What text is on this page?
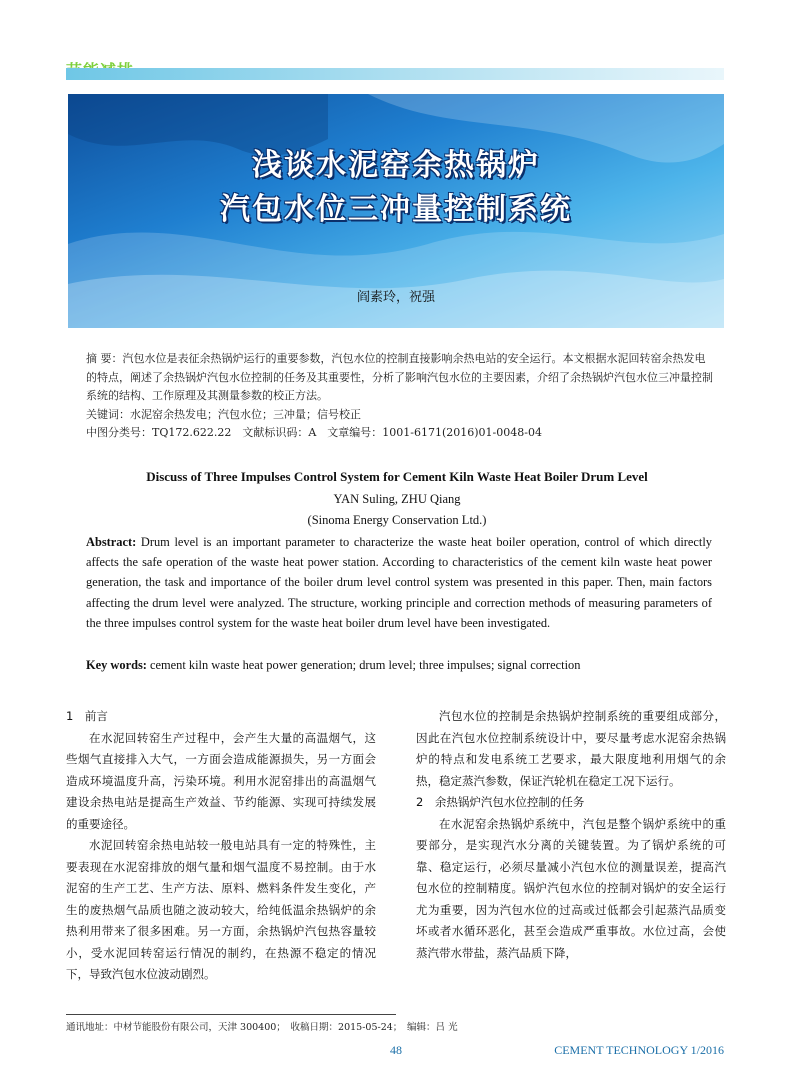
浅谈水泥窑余热锅炉
汽包水位三冲量控制系统
阎素玲，祝强

摘 要：汽包水位是表征余热锅炉运行的重要参数，汽包水位的控制直接影响余热电站的安全运行。本文根据水泥回转窑余热发电的特点，阐述了余热锅炉汽包水位控制的任务及其重要性，分析了影响汽包水位的主要因素，介绍了余热锅炉汽包水位三冲量控制系统的结构、工作原理及其测量参数的校正方法。

关键词：水泥窑余热发电；汽包水位；三冲量；信号校正

中图分类号：TQ172.622.22　文献标识码：A　文章编号：1001-6171(2016)01-0048-04

Discuss of Three Impulses Control System for Cement Kiln Waste Heat Boiler Drum Level
YAN Suling, ZHU Qiang
(Sinoma Energy Conservation Ltd.)
Abstract: Drum level is an important parameter to characterize the waste heat boiler operation, control of which directly affects the safe operation of the waste heat power station. According to characteristics of the cement kiln waste heat power generation, the task and importance of the boiler drum level control system was presented in this paper. Then, main factors affecting the drum level were analyzed. The structure, working principle and correction methods of measuring parameters of the three impulses control system for the waste heat boiler drum level have been investigated.
Key words: cement kiln waste heat power generation; drum level; three impulses; signal correction

1　前言

在水泥回转窑生产过程中，会产生大量的高温烟气，这些烟气直接排入大气，一方面会造成能源损失，另一方面会造成环境温度升高，污染环境。利用水泥窑排出的高温烟气建设余热电站是提高生产效益、节约能源、实现可持续发展的重要途径。

水泥回转窑余热电站较一般电站具有一定的特殊性，主要表现在水泥窑排放的烟气量和烟气温度不易控制。由于水泥窑的生产工艺、生产方法、原料、燃料条件发生变化，产生的废热烟气品质也随之波动较大，给纯低温余热锅炉的余热利用带来了很多困难。另一方面，余热锅炉汽包热容量较小，受水泥回转窑运行情况的制约，在热源不稳定的情况下，导致汽包水位波动剧烈。

汽包水位的控制是余热锅炉控制系统的重要组成部分，因此在汽包水位控制系统设计中，要尽量考虑水泥窑余热锅炉的特点和发电系统工艺要求，最大限度地利用烟气的余热，稳定蒸汽参数，保证汽轮机在稳定工况下运行。

2　余热锅炉汽包水位控制的任务

在水泥窑余热锅炉系统中，汽包是整个锅炉系统中的重要部分，是实现汽水分离的关键装置。为了锅炉系统的可靠、稳定运行，必须尽量减小汽包水位的测量误差，提高汽包水位的控制精度。锅炉汽包水位的控制对锅炉的安全运行尤为重要，因为汽包水位的过高或过低都会引起蒸汽品质变坏或者水循环恶化，甚至会造成严重事故。水位过高，会使蒸汽带水带盐，蒸汽品质下降，

通讯地址：中材节能股份有限公司，天津 300400；　收稿日期：2015-05-24；　编辑：吕 光
48	CEMENT TECHNOLOGY 1/2016
